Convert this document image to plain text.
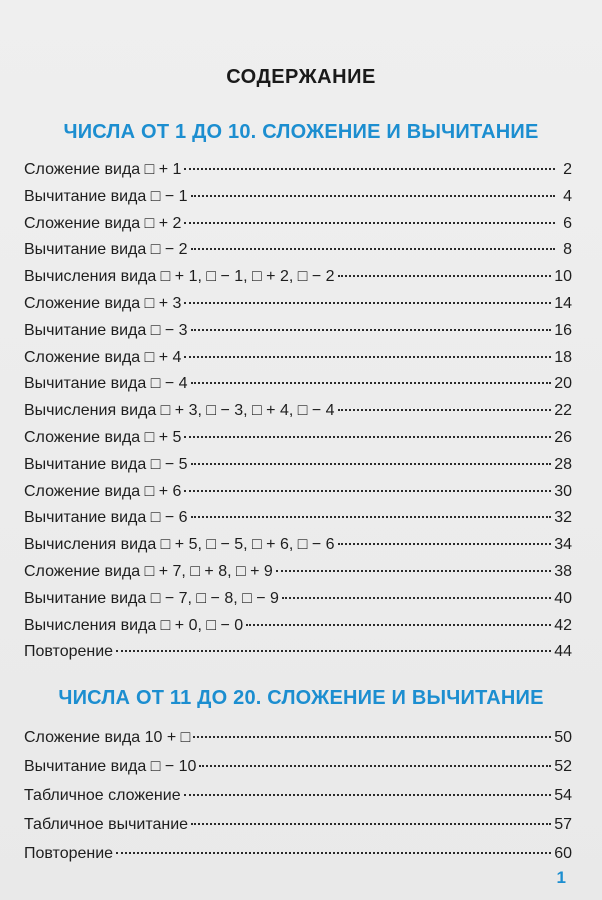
СОДЕРЖАНИЕ
ЧИСЛА ОТ 1 ДО 10. СЛОЖЕНИЕ И ВЫЧИТАНИЕ
Сложение вида □ + 1	2
Вычитание вида □ − 1	4
Сложение вида □ + 2	6
Вычитание вида □ − 2	8
Вычисления вида □ + 1, □ − 1, □ + 2, □ − 2	10
Сложение вида □ + 3	14
Вычитание вида □ − 3	16
Сложение вида □ + 4	18
Вычитание вида □ − 4	20
Вычисления вида □ + 3, □ − 3, □ + 4, □ − 4	22
Сложение вида □ + 5	26
Вычитание вида □ − 5	28
Сложение вида □ + 6	30
Вычитание вида □ − 6	32
Вычисления вида □ + 5, □ − 5, □ + 6, □ − 6	34
Сложение вида □ + 7, □ + 8, □ + 9	38
Вычитание вида □ − 7, □ − 8, □ − 9	40
Вычисления вида □ + 0, □ − 0	42
Повторение	44
ЧИСЛА ОТ 11 ДО 20. СЛОЖЕНИЕ И ВЫЧИТАНИЕ
Сложение вида 10 + □	50
Вычитание вида □ − 10	52
Табличное сложение	54
Табличное вычитание	57
Повторение	60
1
